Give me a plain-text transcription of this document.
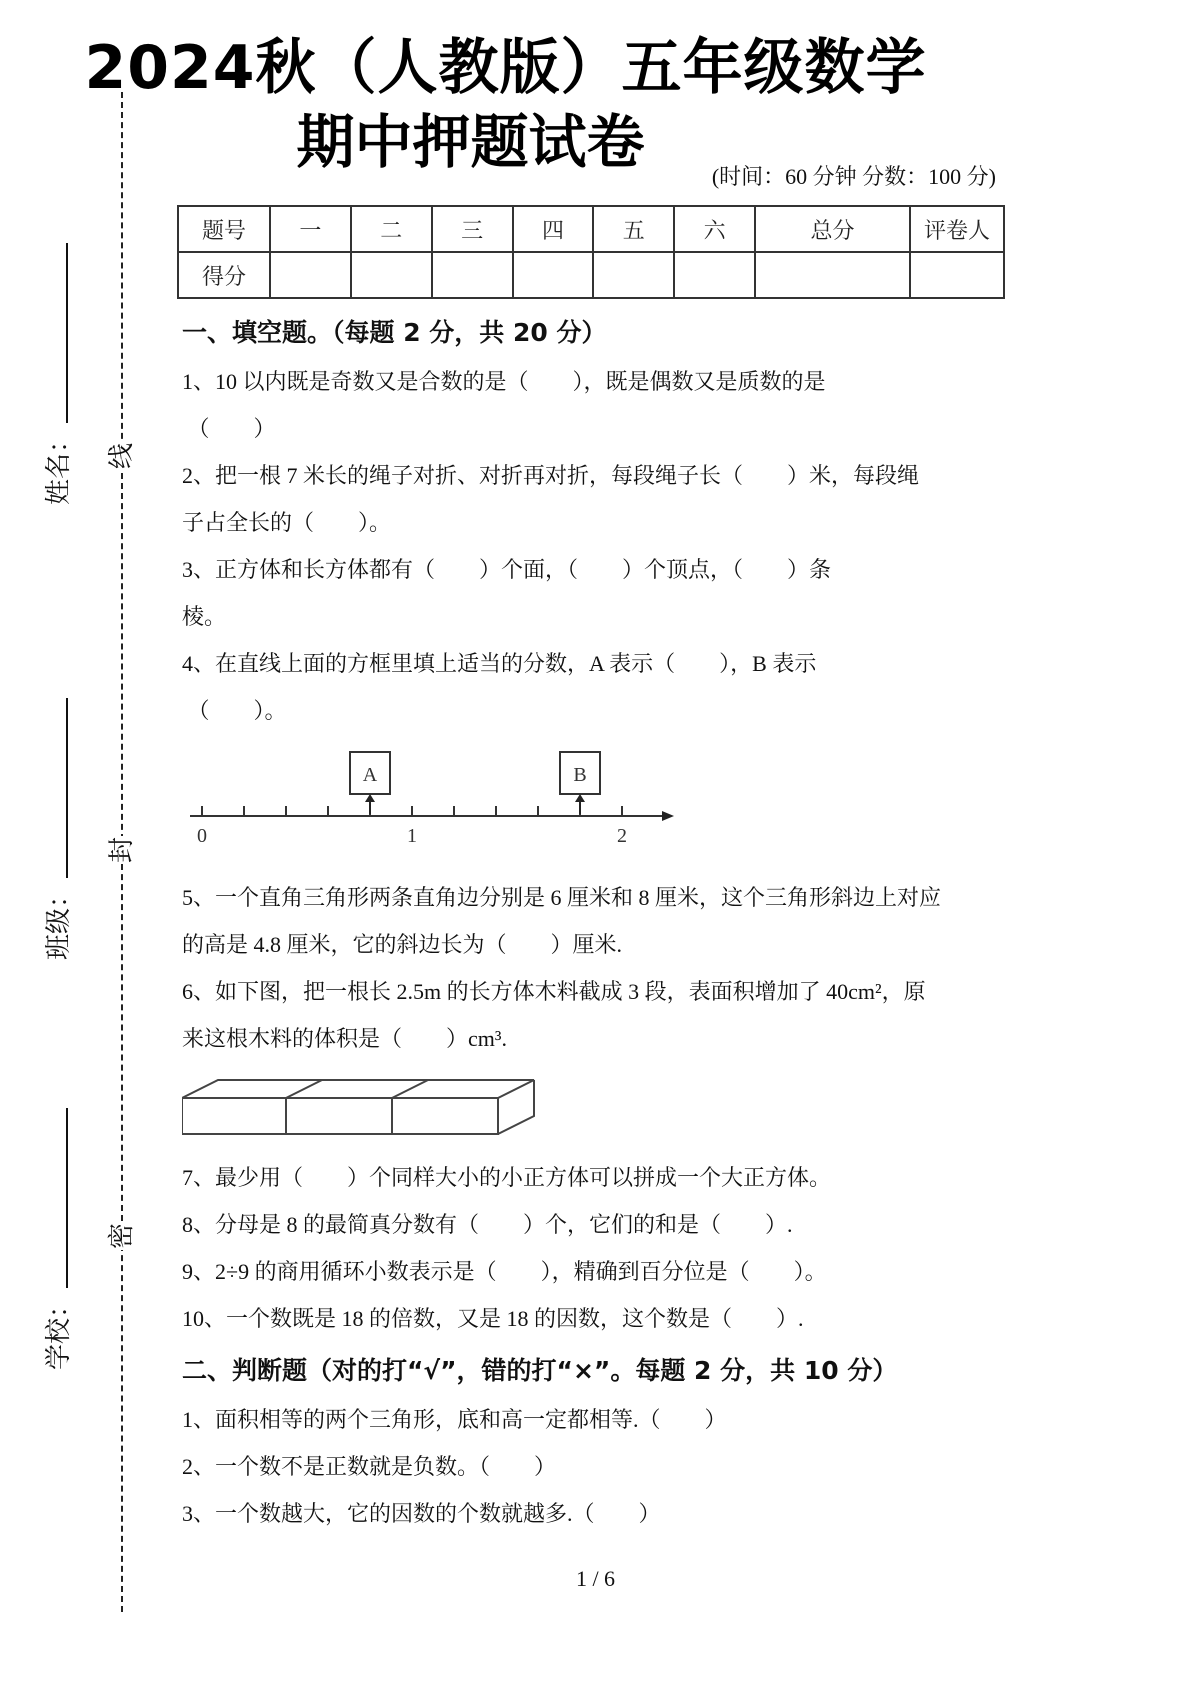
线
封
密
姓名：
班级：
学校：
2024秋（人教版）五年级数学
期中押题试卷
(时间：60 分钟 分数：100 分)
题号	一	二	三	四	五	六	总分	评卷人
得分								
一、填空题。（每题 2 分，共 20 分）

1、10 以内既是奇数又是合数的是（        ），既是偶数又是质数的是

（        ）

2、把一根 7 米长的绳子对折、对折再对折，每段绳子长（        ）米，每段绳

子占全长的（        ）。

3、正方体和长方体都有（        ）个面，（        ）个顶点，（        ）条

棱。

4、在直线上面的方框里填上适当的分数，A 表示（        ），B 表示

（        ）。

A	B
0	1	2

5、一个直角三角形两条直角边分别是 6 厘米和 8 厘米，这个三角形斜边上对应

的高是 4.8 厘米，它的斜边长为（        ）厘米.

6、如下图，把一根长 2.5m 的长方体木料截成 3 段，表面积增加了 40cm²，原

来这根木料的体积是（        ）cm³.

7、最少用（        ）个同样大小的小正方体可以拼成一个大正方体。

8、分母是 8 的最简真分数有（        ）个，它们的和是（        ）.

9、2÷9 的商用循环小数表示是（        ），精确到百分位是（        ）。

10、一个数既是 18 的倍数，又是 18 的因数，这个数是（        ）.

二、判断题（对的打“√”，错的打“×”。每题 2 分，共 10 分）

1、面积相等的两个三角形，底和高一定都相等.（        ）

2、一个数不是正数就是负数。（        ）

3、一个数越大，它的因数的个数就越多.（        ）

1 / 6
